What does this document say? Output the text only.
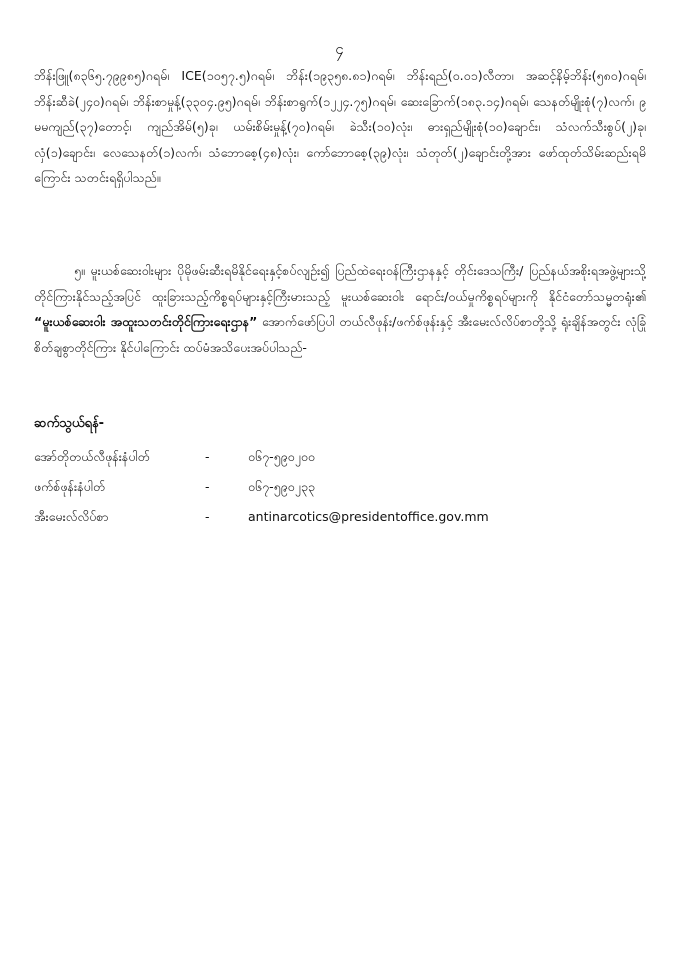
၄

ဘိန်းဖြူ(၈၃၆၅.၇၉၉၈၅)ဂရမ်၊ ICE(၁၀၅၇.၅)ဂရမ်၊ ဘိန်း(၁၉၃၅၈.၈၁)ဂရမ်၊ ဘိန်းရည်(၀.၀၁)လီတာ၊ အဆင့်နိမ့်ဘိန်း(၅၈၀)ဂရမ်၊ ဘိန်းဆီခဲ(၂၄၀)ဂရမ်၊ ဘိန်းစာမှုန့်(၃၃၀၄.၉၅)ဂရမ်၊ ဘိန်းစာရွက်(၁၂၂၄.၇၅)ဂရမ်၊ ဆေးခြောက်(၁၈၃.၁၄)ဂရမ်၊ သေနတ်မျိုးစုံ(၇)လက်၊ ၉ မမကျည်(၃၇)တောင့်၊ ကျည်အိမ်(၅)ခု၊ ယမ်းစိမ်းမှုန့်(၇၀)ဂရမ်၊ ခဲသီး(၁၀)လုံး၊ ဓားရှည်မျိုးစုံ(၁၀)ချောင်း၊ သံလက်သီးစွပ်(၂)ခု၊ လှံ(၁)ချောင်း၊ လေသေနတ်(၁)လက်၊ သံဘောစေ့(၄၈)လုံး၊ ကော်ဘောစေ့(၃၉)လုံး၊ သံတုတ်(၂)ချောင်းတို့အား ဖော်ထုတ်သိမ်းဆည်းရမိကြောင်း သတင်းရရှိပါသည်။

၅။ မူးယစ်ဆေးဝါးများ ပိုမိုဖမ်းဆီးရမိနိုင်ရေးနှင့်စပ်လျဉ်း၍ ပြည်ထဲရေးဝန်ကြီးဌာနနှင့် တိုင်းဒေသကြီး/ ပြည်နယ်အစိုးရအဖွဲ့များသို့ တိုင်ကြားနိုင်သည့်အပြင် ထူးခြားသည့်ကိစ္စရပ်များနှင့်ကြီးမားသည့် မူးယစ်ဆေးဝါး ရောင်း/ဝယ်မှုကိစ္စရပ်များကို နိုင်ငံတော်သမ္မတရုံး၏ “မူးယစ်ဆေးဝါး အထူးသတင်းတိုင်ကြားရေးဌာန” အောက်ဖော်ပြပါ တယ်လီဖုန်း/ဖက်စ်ဖုန်းနှင့် အီးမေးလ်လိပ်စာတို့သို့ ရုံးချိန်အတွင်း လုံခြုံစိတ်ချစွာတိုင်ကြား နိုင်ပါကြောင်း ထပ်မံအသိပေးအပ်ပါသည်-

ဆက်သွယ်ရန်-
အော်တိုတယ်လီဖုန်းနံပါတ်	-	၀၆၇-၅၉၀၂၀၀
ဖက်စ်ဖုန်းနံပါတ်	-	၀၆၇-၅၉၀၂၃၃
အီးမေးလ်လိပ်စာ	-	antinarcotics@presidentoffice.gov.mm
